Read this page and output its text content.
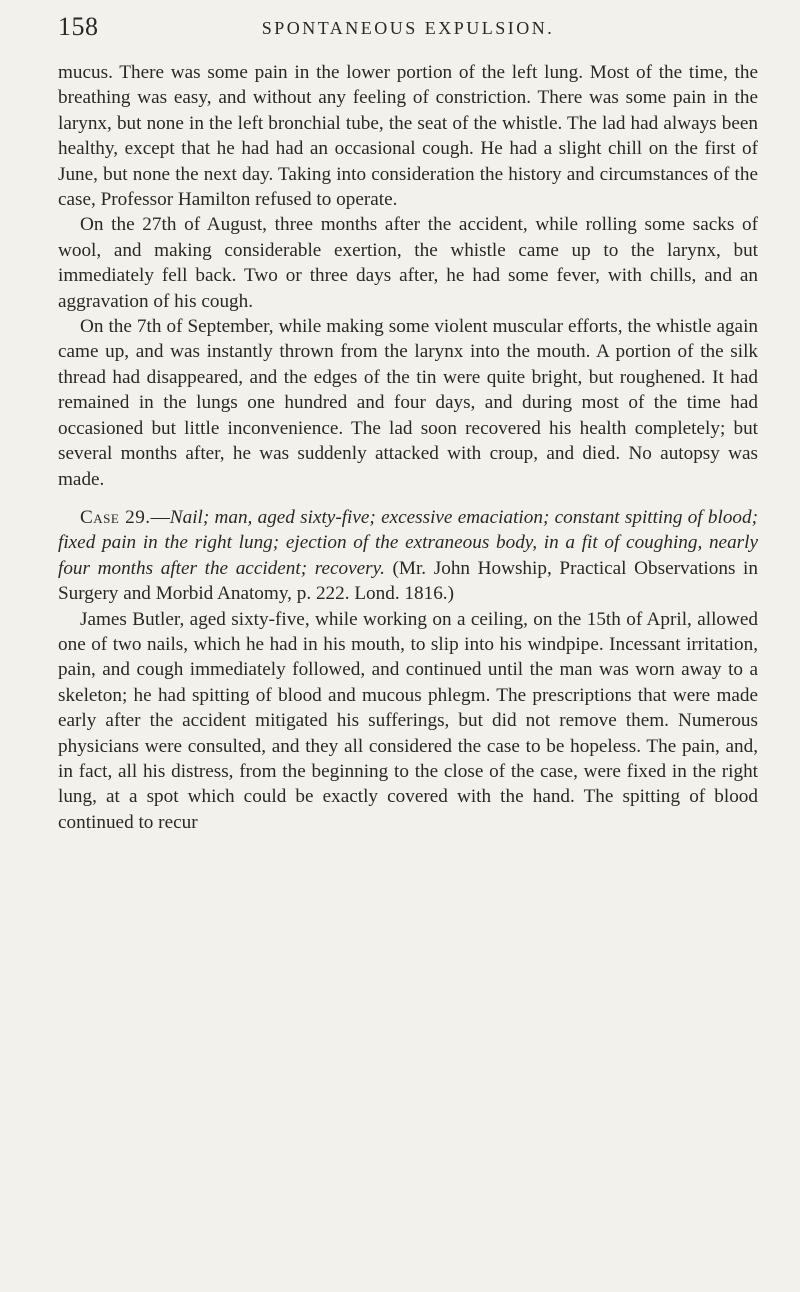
158	SPONTANEOUS EXPULSION.

mucus. There was some pain in the lower portion of the left lung. Most of the time, the breathing was easy, and without any feeling of constriction. There was some pain in the larynx, but none in the left bronchial tube, the seat of the whistle. The lad had always been healthy, except that he had had an occasional cough. He had a slight chill on the first of June, but none the next day. Taking into consideration the history and circumstances of the case, Professor Hamilton refused to operate.

On the 27th of August, three months after the accident, while rolling some sacks of wool, and making considerable exertion, the whistle came up to the larynx, but immediately fell back. Two or three days after, he had some fever, with chills, and an aggravation of his cough.

On the 7th of September, while making some violent muscular efforts, the whistle again came up, and was instantly thrown from the larynx into the mouth. A portion of the silk thread had disappeared, and the edges of the tin were quite bright, but roughened. It had remained in the lungs one hundred and four days, and during most of the time had occasioned but little inconvenience. The lad soon recovered his health completely; but several months after, he was suddenly attacked with croup, and died. No autopsy was made.

Case 29.—Nail; man, aged sixty-five; excessive emaciation; constant spitting of blood; fixed pain in the right lung; ejection of the extraneous body, in a fit of coughing, nearly four months after the accident; recovery. (Mr. John Howship, Practical Observations in Surgery and Morbid Anatomy, p. 222. Lond. 1816.)

James Butler, aged sixty-five, while working on a ceiling, on the 15th of April, allowed one of two nails, which he had in his mouth, to slip into his windpipe. Incessant irritation, pain, and cough immediately followed, and continued until the man was worn away to a skeleton; he had spitting of blood and mucous phlegm. The prescriptions that were made early after the accident mitigated his sufferings, but did not remove them. Numerous physicians were consulted, and they all considered the case to be hopeless. The pain, and, in fact, all his distress, from the beginning to the close of the case, were fixed in the right lung, at a spot which could be exactly covered with the hand. The spitting of blood continued to recur
